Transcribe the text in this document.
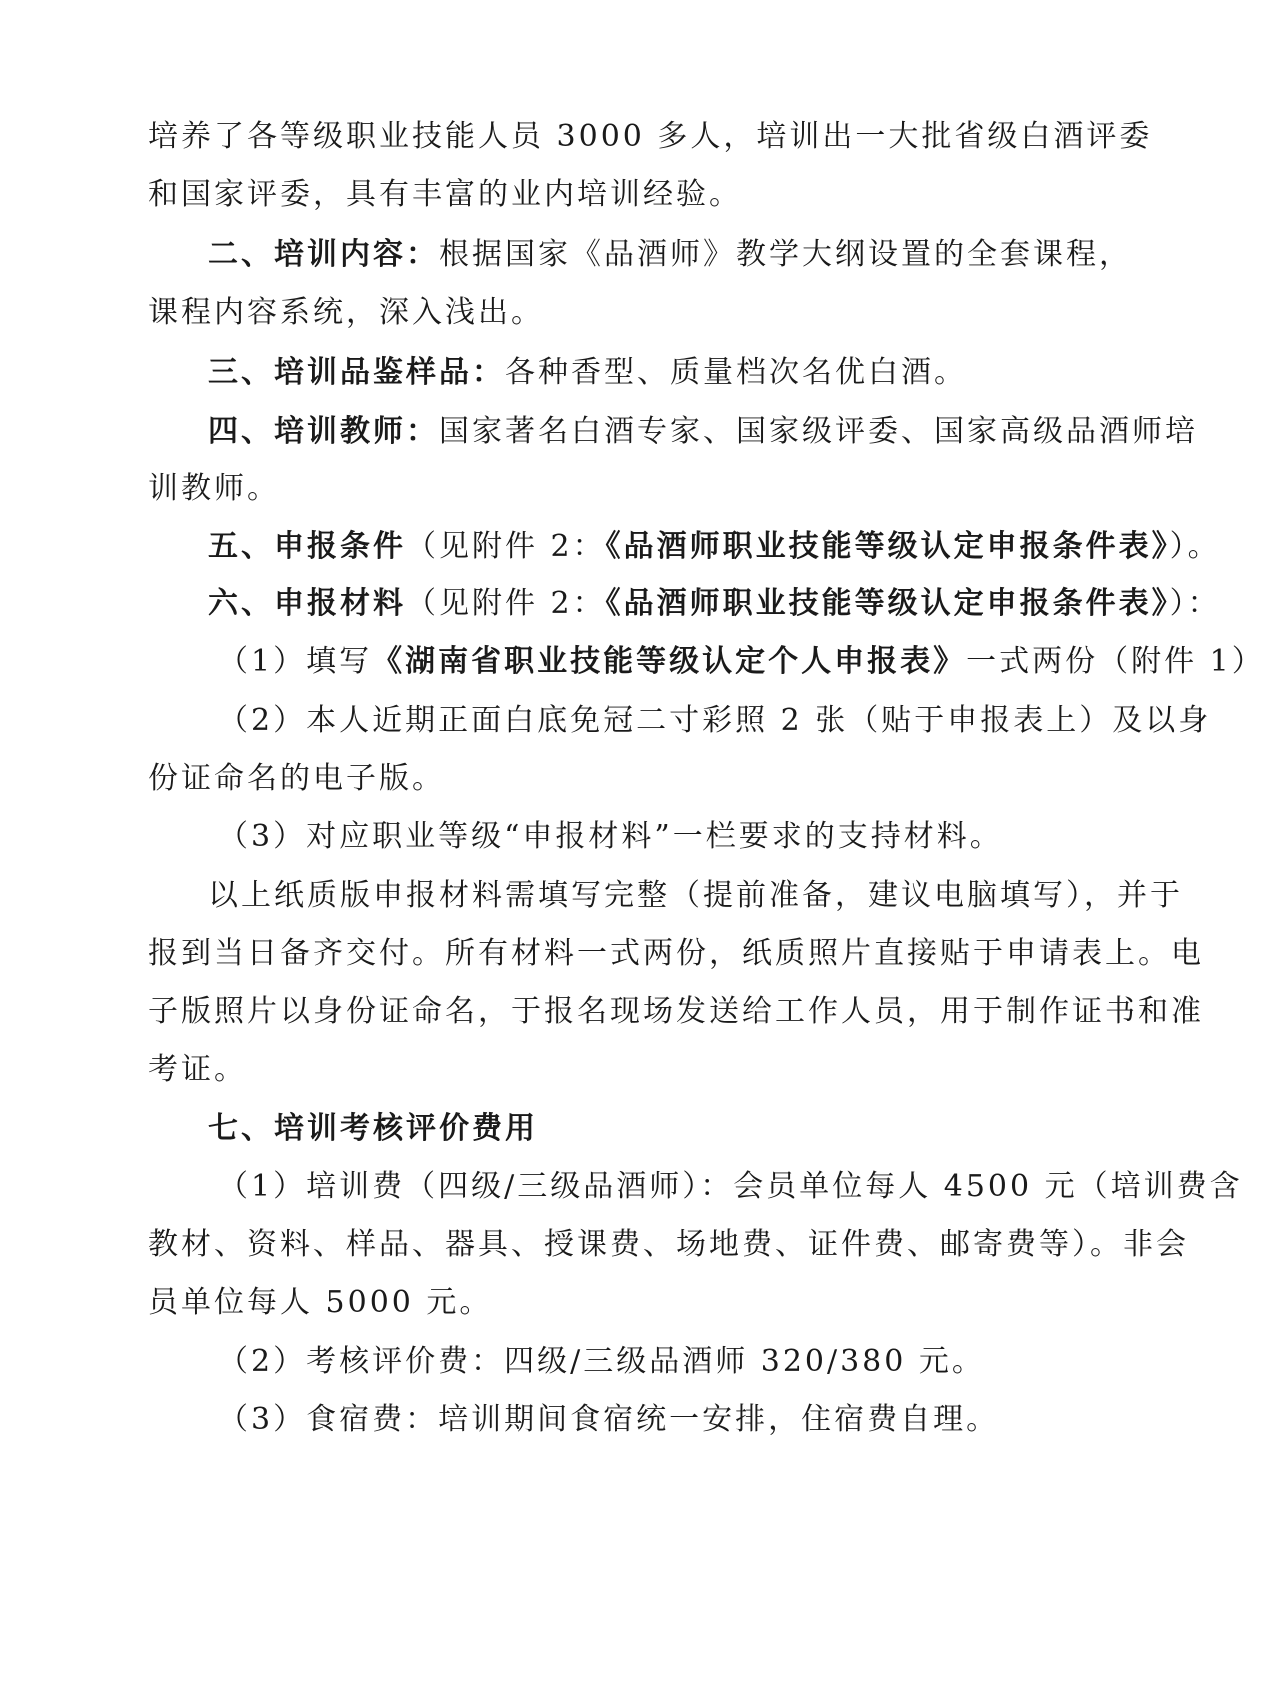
培养了各等级职业技能人员 3000 多人，培训出一大批省级白酒评委
和国家评委，具有丰富的业内培训经验。
二、培训内容：根据国家《品酒师》教学大纲设置的全套课程，
课程内容系统，深入浅出。
三、培训品鉴样品：各种香型、质量档次名优白酒。
四、培训教师：国家著名白酒专家、国家级评委、国家高级品酒师培
训教师。
五、申报条件（见附件 2：《品酒师职业技能等级认定申报条件表》）。
六、申报材料（见附件 2：《品酒师职业技能等级认定申报条件表》）：
（1）填写《湖南省职业技能等级认定个人申报表》一式两份（附件 1）
（2）本人近期正面白底免冠二寸彩照 2 张（贴于申报表上）及以身
份证命名的电子版。
（3）对应职业等级“申报材料”一栏要求的支持材料。
以上纸质版申报材料需填写完整（提前准备，建议电脑填写），并于
报到当日备齐交付。所有材料一式两份，纸质照片直接贴于申请表上。电
子版照片以身份证命名，于报名现场发送给工作人员，用于制作证书和准
考证。
七、培训考核评价费用
（1）培训费（四级/三级品酒师）：会员单位每人 4500 元（培训费含
教材、资料、样品、器具、授课费、场地费、证件费、邮寄费等）。非会
员单位每人 5000 元。
（2）考核评价费：四级/三级品酒师 320/380 元。
（3）食宿费：培训期间食宿统一安排，住宿费自理。
